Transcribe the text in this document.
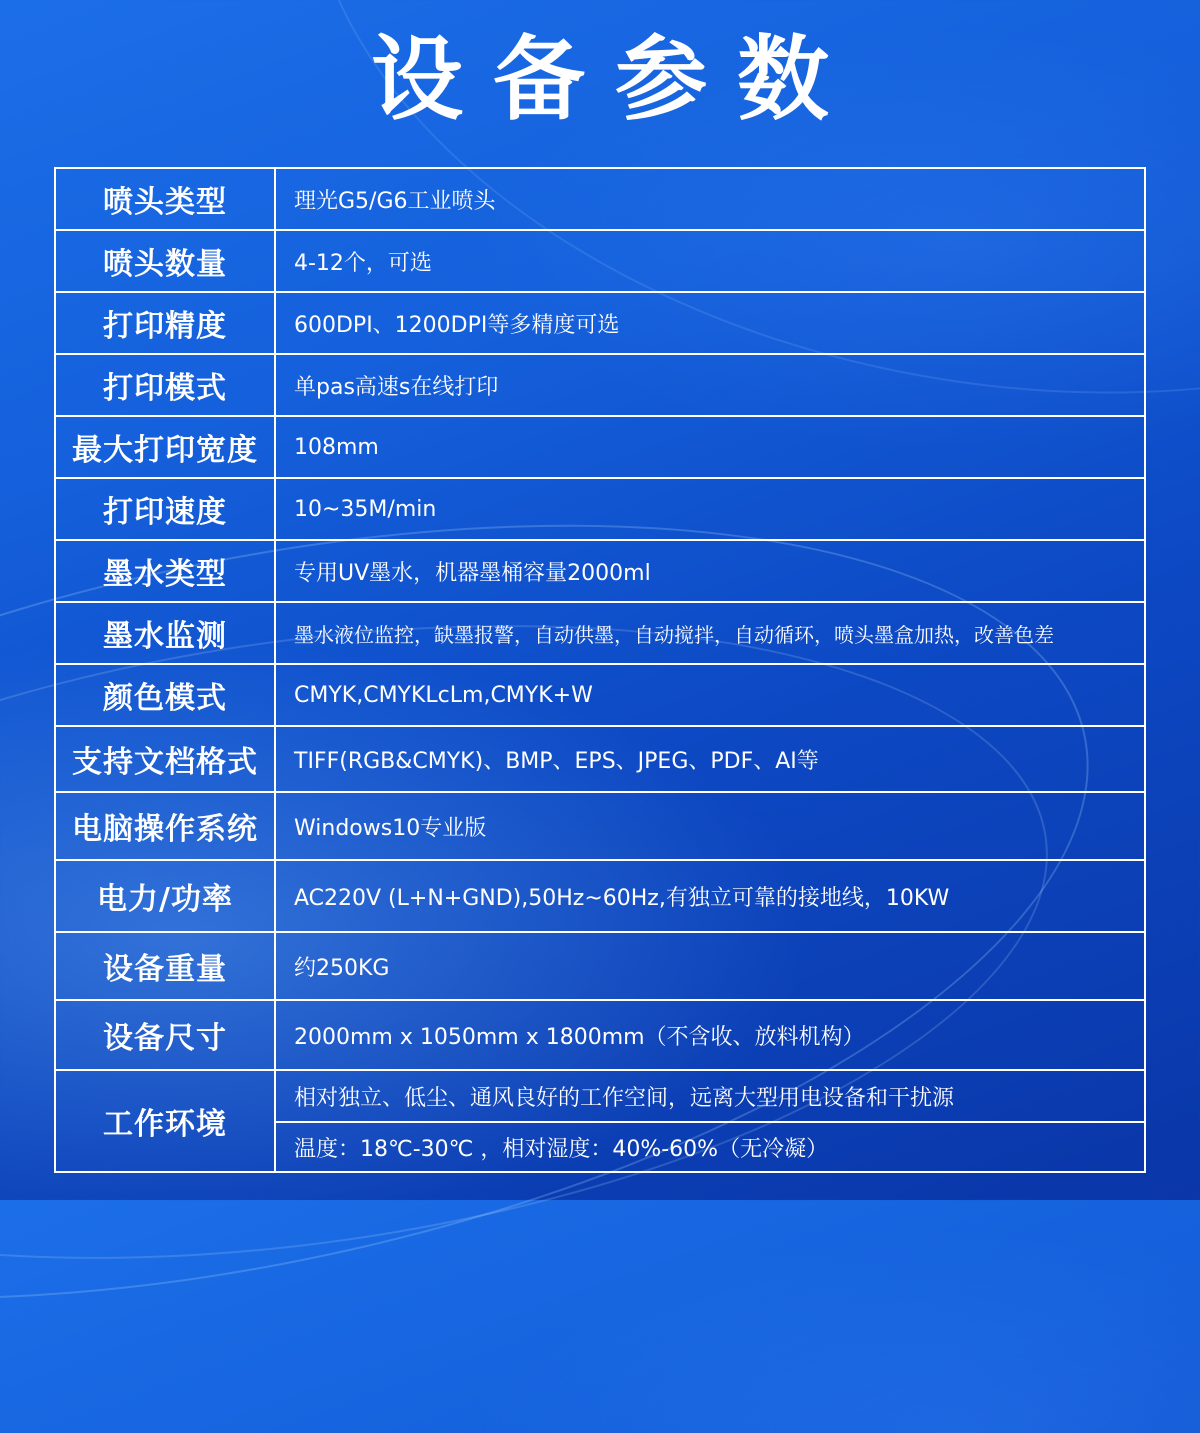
设备参数
喷头类型	理光G5/G6工业喷头
喷头数量	4-12个，可选
打印精度	600DPI、1200DPI等多精度可选
打印模式	单pas高速s在线打印
最大打印宽度	108mm
打印速度	10~35M/min
墨水类型	专用UV墨水，机器墨桶容量2000ml
墨水监测	墨水液位监控，缺墨报警，自动供墨，自动搅拌，自动循环，喷头墨盒加热，改善色差
颜色模式	CMYK,CMYKLcLm,CMYK+W
支持文档格式	TIFF(RGB&CMYK)、BMP、EPS、JPEG、PDF、AI等
电脑操作系统	Windows10专业版
电力/功率	AC220V (L+N+GND),50Hz~60Hz,有独立可靠的接地线，10KW
设备重量	约250KG
设备尺寸	2000mm x 1050mm x 1800mm（不含收、放料机构）
工作环境	相对独立、低尘、通风良好的工作空间，远离大型用电设备和干扰源
	温度：18℃-30℃ ，相对湿度：40%-60%（无冷凝）
